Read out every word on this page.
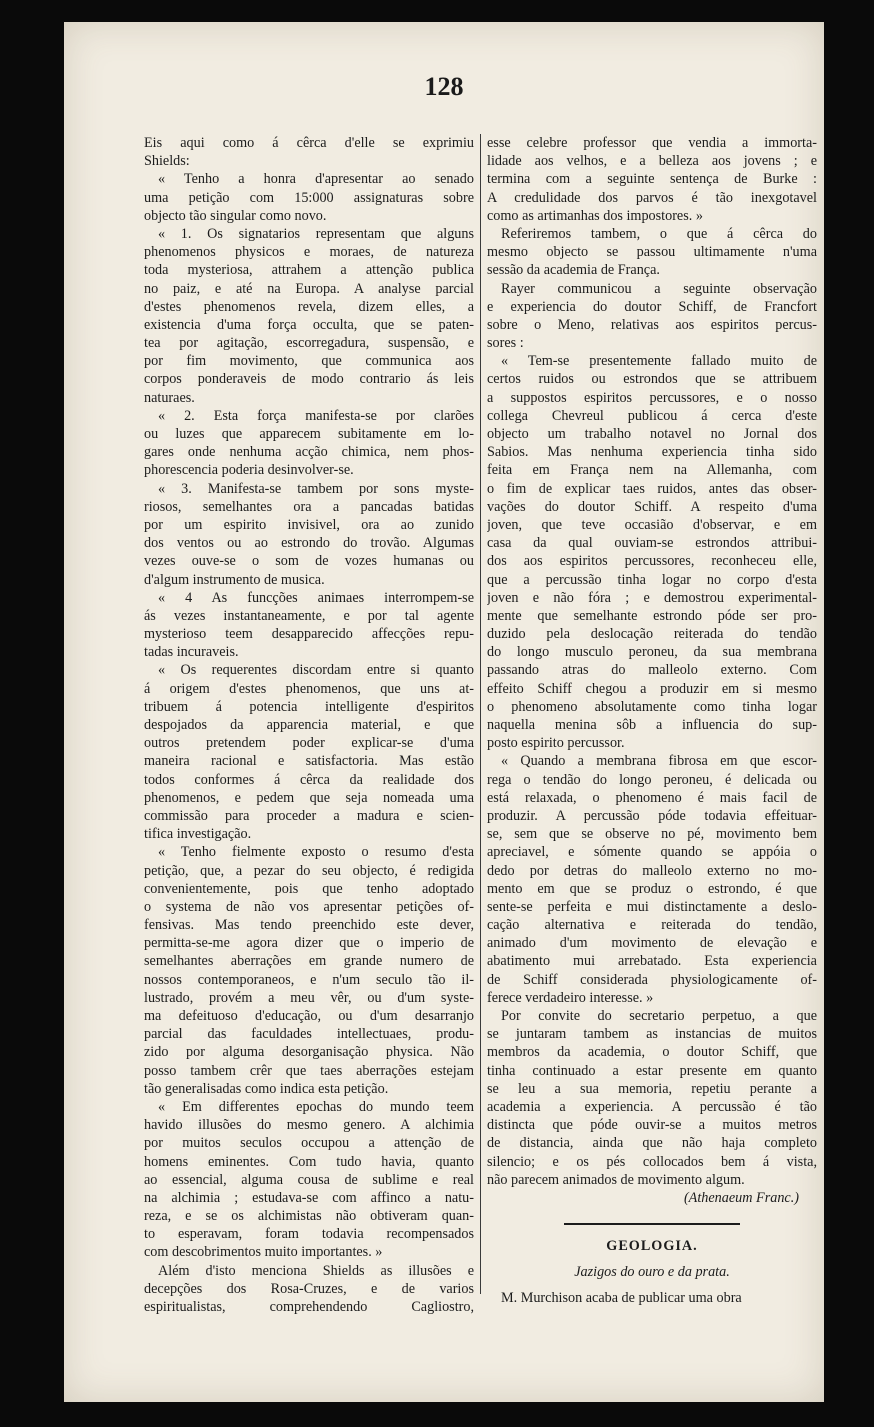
128
Eis aqui como á cêrca d'elle se exprimiu
Shields:
« Tenho a honra d'apresentar ao senado
uma petição com 15:000 assignaturas sobre
objecto tão singular como novo.
« 1. Os signatarios representam que alguns
phenomenos physicos e moraes, de natureza
toda mysteriosa, attrahem a attenção publica
no paiz, e até na Europa. A analyse parcial
d'estes phenomenos revela, dizem elles, a
existencia d'uma força occulta, que se paten-
tea por agitação, escorregadura, suspensão, e
por fim movimento, que communica aos
corpos ponderaveis de modo contrario ás leis
naturaes.
« 2. Esta força manifesta-se por clarões
ou luzes que apparecem subitamente em lo-
gares onde nenhuma acção chimica, nem phos-
phorescencia poderia desinvolver-se.
« 3. Manifesta-se tambem por sons myste-
riosos, semelhantes ora a pancadas batidas
por um espirito invisivel, ora ao zunido
dos ventos ou ao estrondo do trovão. Algumas
vezes ouve-se o som de vozes humanas ou
d'algum instrumento de musica.
« 4 As funcções animaes interrompem-se
ás vezes instantaneamente, e por tal agente
mysterioso teem desapparecido affecções repu-
tadas incuraveis.
« Os requerentes discordam entre si quanto
á origem d'estes phenomenos, que uns at-
tribuem á potencia intelligente d'espiritos
despojados da apparencia material, e que
outros pretendem poder explicar-se d'uma
maneira racional e satisfactoria. Mas estão
todos conformes á cêrca da realidade dos
phenomenos, e pedem que seja nomeada uma
commissão para proceder a madura e scien-
tifica investigação.
« Tenho fielmente exposto o resumo d'esta
petição, que, a pezar do seu objecto, é redigida
convenientemente, pois que tenho adoptado
o systema de não vos apresentar petições of-
fensivas. Mas tendo preenchido este dever,
permitta-se-me agora dizer que o imperio de
semelhantes aberrações em grande numero de
nossos contemporaneos, e n'um seculo tão il-
lustrado, provém a meu vêr, ou d'um syste-
ma defeituoso d'educação, ou d'um desarranjo
parcial das faculdades intellectuaes, produ-
zido por alguma desorganisação physica. Não
posso tambem crêr que taes aberrações estejam
tão generalisadas como indica esta petição.
« Em differentes epochas do mundo teem
havido illusões do mesmo genero. A alchimia
por muitos seculos occupou a attenção de
homens eminentes. Com tudo havia, quanto
ao essencial, alguma cousa de sublime e real
na alchimia ; estudava-se com affinco a natu-
reza, e se os alchimistas não obtiveram quan-
to esperavam, foram todavia recompensados
com descobrimentos muito importantes. »
Além d'isto menciona Shields as illusões e
decepções dos Rosa-Cruzes, e de varios
espiritualistas, comprehendendo Cagliostro,
esse celebre professor que vendia a immorta-
lidade aos velhos, e a belleza aos jovens ; e
termina com a seguinte sentença de Burke :
A credulidade dos parvos é tão inexgotavel
como as artimanhas dos impostores. »
Referiremos tambem, o que á cêrca do
mesmo objecto se passou ultimamente n'uma
sessão da academia de França.
Rayer communicou a seguinte observação
e experiencia do doutor Schiff, de Francfort
sobre o Meno, relativas aos espiritos percus-
sores :
« Tem-se presentemente fallado muito de
certos ruidos ou estrondos que se attribuem
a suppostos espiritos percussores, e o nosso
collega Chevreul publicou á cerca d'este
objecto um trabalho notavel no Jornal dos
Sabios. Mas nenhuma experiencia tinha sido
feita em França nem na Allemanha, com
o fim de explicar taes ruidos, antes das obser-
vações do doutor Schiff. A respeito d'uma
joven, que teve occasião d'observar, e em
casa da qual ouviam-se estrondos attribui-
dos aos espiritos percussores, reconheceu elle,
que a percussão tinha logar no corpo d'esta
joven e não fóra ; e demostrou experimental-
mente que semelhante estrondo póde ser pro-
duzido pela deslocação reiterada do tendão
do longo musculo peroneu, da sua membrana
passando atras do malleolo externo. Com
effeito Schiff chegou a produzir em si mesmo
o phenomeno absolutamente como tinha logar
naquella menina sôb a influencia do sup-
posto espirito percussor.
« Quando a membrana fibrosa em que escor-
rega o tendão do longo peroneu, é delicada ou
está relaxada, o phenomeno é mais facil de
produzir. A percussão póde todavia effeituar-
se, sem que se observe no pé, movimento bem
apreciavel, e sómente quando se appóia o
dedo por detras do malleolo externo no mo-
mento em que se produz o estrondo, é que
sente-se perfeita e mui distinctamente a deslo-
cação alternativa e reiterada do tendão,
animado d'um movimento de elevação e
abatimento mui arrebatado. Esta experiencia
de Schiff considerada physiologicamente of-
ferece verdadeiro interesse. »
Por convite do secretario perpetuo, a que
se juntaram tambem as instancias de muitos
membros da academia, o doutor Schiff, que
tinha continuado a estar presente em quanto
se leu a sua memoria, repetiu perante a
academia a experiencia. A percussão é tão
distincta que póde ouvir-se a muitos metros
de distancia, ainda que não haja completo
silencio; e os pés collocados bem á vista,
não parecem animados de movimento algum.
(Athenaeum Franc.)
GEOLOGIA.
Jazigos do ouro e da prata.
M. Murchison acaba de publicar uma obra
